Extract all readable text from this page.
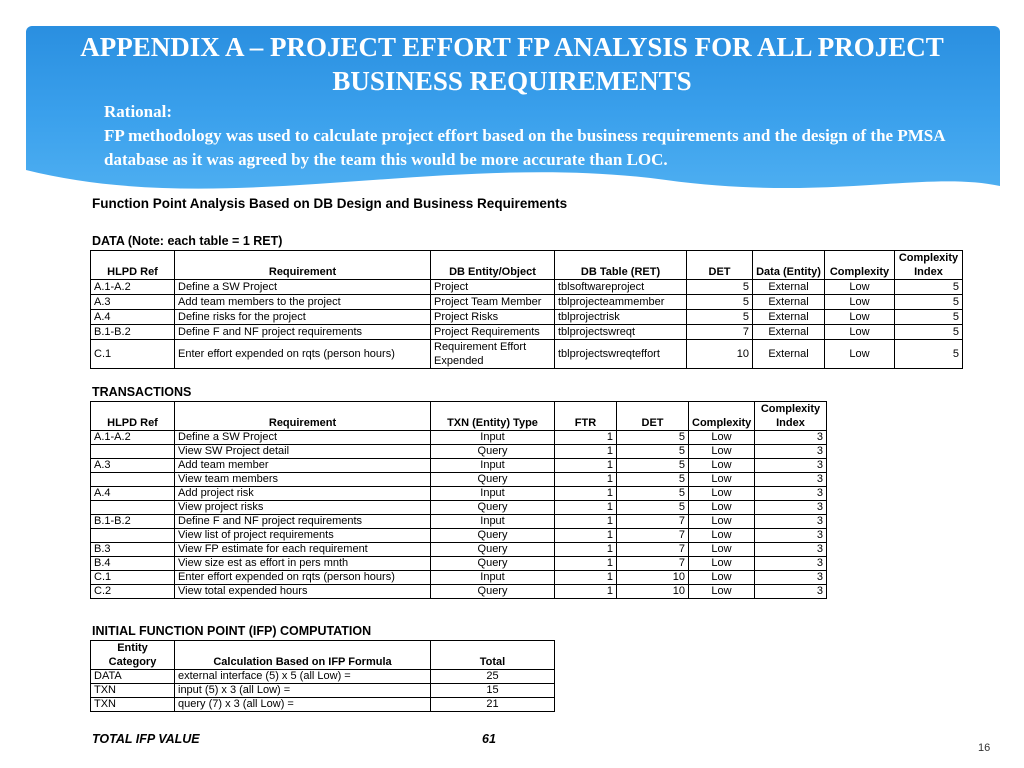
APPENDIX A – PROJECT EFFORT FP ANALYSIS FOR ALL PROJECT BUSINESS REQUIREMENTS
Rational:
FP methodology was used to calculate project effort based on the business requirements and the design of the PMSA database as it was agreed by the team this would be more accurate than LOC.
Function Point Analysis Based on DB Design and Business Requirements
DATA (Note: each table = 1 RET)
HLPD Ref	Requirement	DB Entity/Object	DB Table (RET)	DET	Data (Entity)	Complexity	Complexity Index
A.1-A.2	Define a SW Project	Project	tblsoftwareproject	5	External	Low	5
A.3	Add team members to the project	Project Team Member	tblprojecteammember	5	External	Low	5
A.4	Define risks for the project	Project Risks	tblprojectrisk	5	External	Low	5
B.1-B.2	Define F and NF project requirements	Project Requirements	tblprojectswreqt	7	External	Low	5
C.1	Enter effort expended on rqts (person hours)	Requirement Effort Expended	tblprojectswreqteffort	10	External	Low	5
TRANSACTIONS
HLPD Ref	Requirement	TXN (Entity) Type	FTR	DET	Complexity	Complexity Index
A.1-A.2	Define a SW Project	Input	1	5	Low	3
	View SW Project detail	Query	1	5	Low	3
A.3	Add team member	Input	1	5	Low	3
	View team members	Query	1	5	Low	3
A.4	Add project risk	Input	1	5	Low	3
	View project risks	Query	1	5	Low	3
B.1-B.2	Define F and NF project requirements	Input	1	7	Low	3
	View list of project requirements	Query	1	7	Low	3
B.3	View FP estimate for each requirement	Query	1	7	Low	3
B.4	View size est as effort in pers mnth	Query	1	7	Low	3
C.1	Enter effort expended on rqts (person hours)	Input	1	10	Low	3
C.2	View total expended hours	Query	1	10	Low	3
INITIAL FUNCTION POINT (IFP) COMPUTATION
Entity Category	Calculation Based on IFP Formula	Total
DATA	external interface (5) x 5 (all Low) =	25
TXN	input (5) x 3 (all Low) =	15
TXN	query (7) x 3 (all Low) =	21
TOTAL IFP VALUE	61
16
